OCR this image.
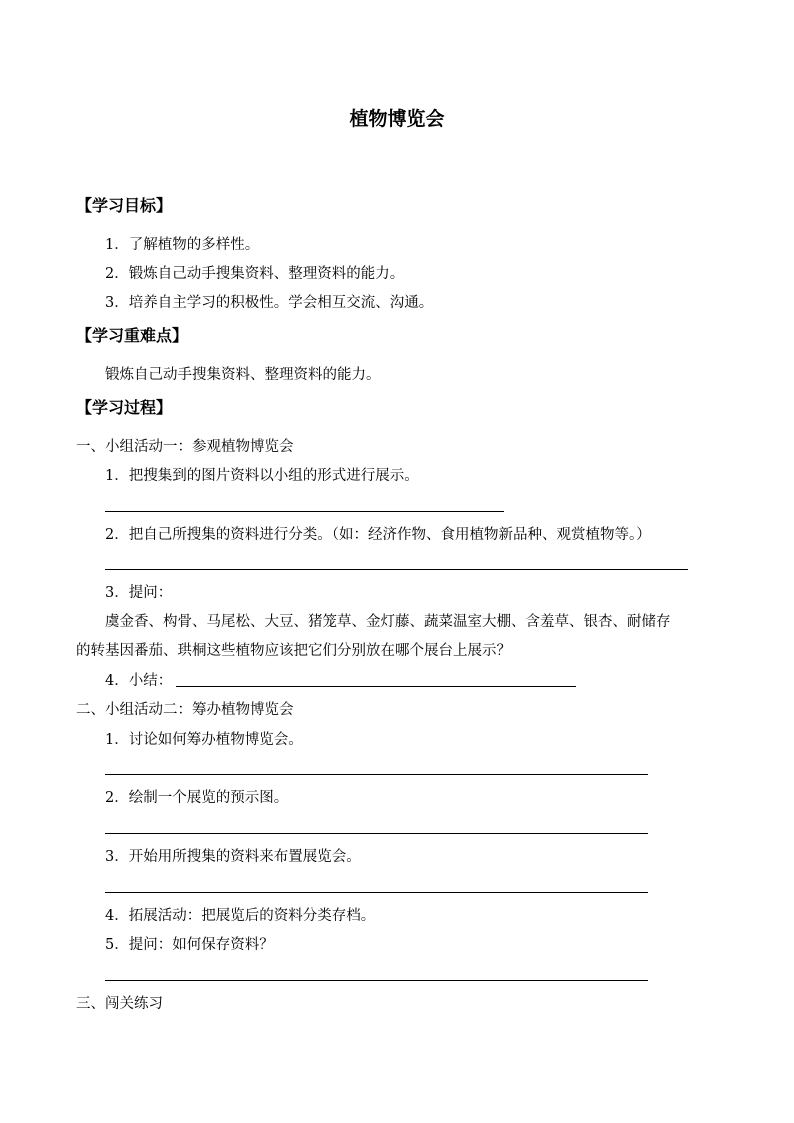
植物博览会
【学习目标】
1．了解植物的多样性。
2．锻炼自己动手搜集资料、整理资料的能力。
3．培养自主学习的积极性。学会相互交流、沟通。
【学习重难点】
锻炼自己动手搜集资料、整理资料的能力。
【学习过程】
一、小组活动一：参观植物博览会
1．把搜集到的图片资料以小组的形式进行展示。
2．把自己所搜集的资料进行分类。（如：经济作物、食用植物新品种、观赏植物等。）
3．提问：
虞金香、构骨、马尾松、大豆、猪笼草、金灯藤、蔬菜温室大棚、含羞草、银杏、耐储存
的转基因番茄、珙桐这些植物应该把它们分别放在哪个展台上展示？
4．小结：
二、小组活动二：筹办植物博览会
1．讨论如何筹办植物博览会。
2．绘制一个展览的预示图。
3．开始用所搜集的资料来布置展览会。
4．拓展活动：把展览后的资料分类存档。
5．提问：如何保存资料？
三、闯关练习
